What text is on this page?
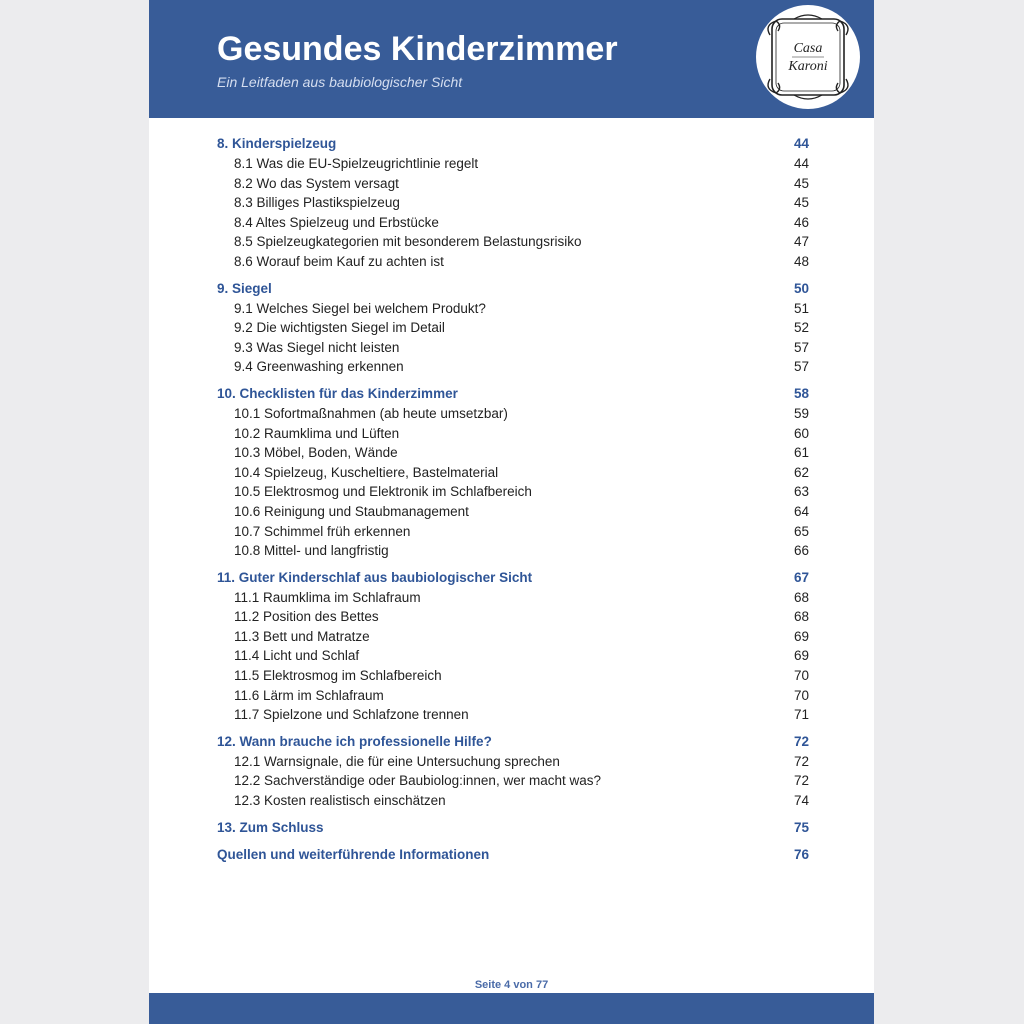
Gesundes Kinderzimmer
Ein Leitfaden aus baubiologischer Sicht
Casa
Karoni
8. Kinderspielzeug	44
8.1 Was die EU-Spielzeugrichtlinie regelt	44
8.2 Wo das System versagt	45
8.3 Billiges Plastikspielzeug	45
8.4 Altes Spielzeug und Erbstücke	46
8.5 Spielzeugkategorien mit besonderem Belastungsrisiko	47
8.6 Worauf beim Kauf zu achten ist	48
9. Siegel	50
9.1 Welches Siegel bei welchem Produkt?	51
9.2 Die wichtigsten Siegel im Detail	52
9.3 Was Siegel nicht leisten	57
9.4 Greenwashing erkennen	57
10. Checklisten für das Kinderzimmer	58
10.1 Sofortmaßnahmen (ab heute umsetzbar)	59
10.2 Raumklima und Lüften	60
10.3 Möbel, Boden, Wände	61
10.4 Spielzeug, Kuscheltiere, Bastelmaterial	62
10.5 Elektrosmog und Elektronik im Schlafbereich	63
10.6 Reinigung und Staubmanagement	64
10.7 Schimmel früh erkennen	65
10.8 Mittel- und langfristig	66
11. Guter Kinderschlaf aus baubiologischer Sicht	67
11.1 Raumklima im Schlafraum	68
11.2 Position des Bettes	68
11.3 Bett und Matratze	69
11.4 Licht und Schlaf	69
11.5 Elektrosmog im Schlafbereich	70
11.6 Lärm im Schlafraum	70
11.7 Spielzone und Schlafzone trennen	71
12. Wann brauche ich professionelle Hilfe?	72
12.1 Warnsignale, die für eine Untersuchung sprechen	72
12.2 Sachverständige oder Baubiolog:innen, wer macht was?	72
12.3 Kosten realistisch einschätzen	74
13. Zum Schluss	75
Quellen und weiterführende Informationen	76
Seite 4 von 77
